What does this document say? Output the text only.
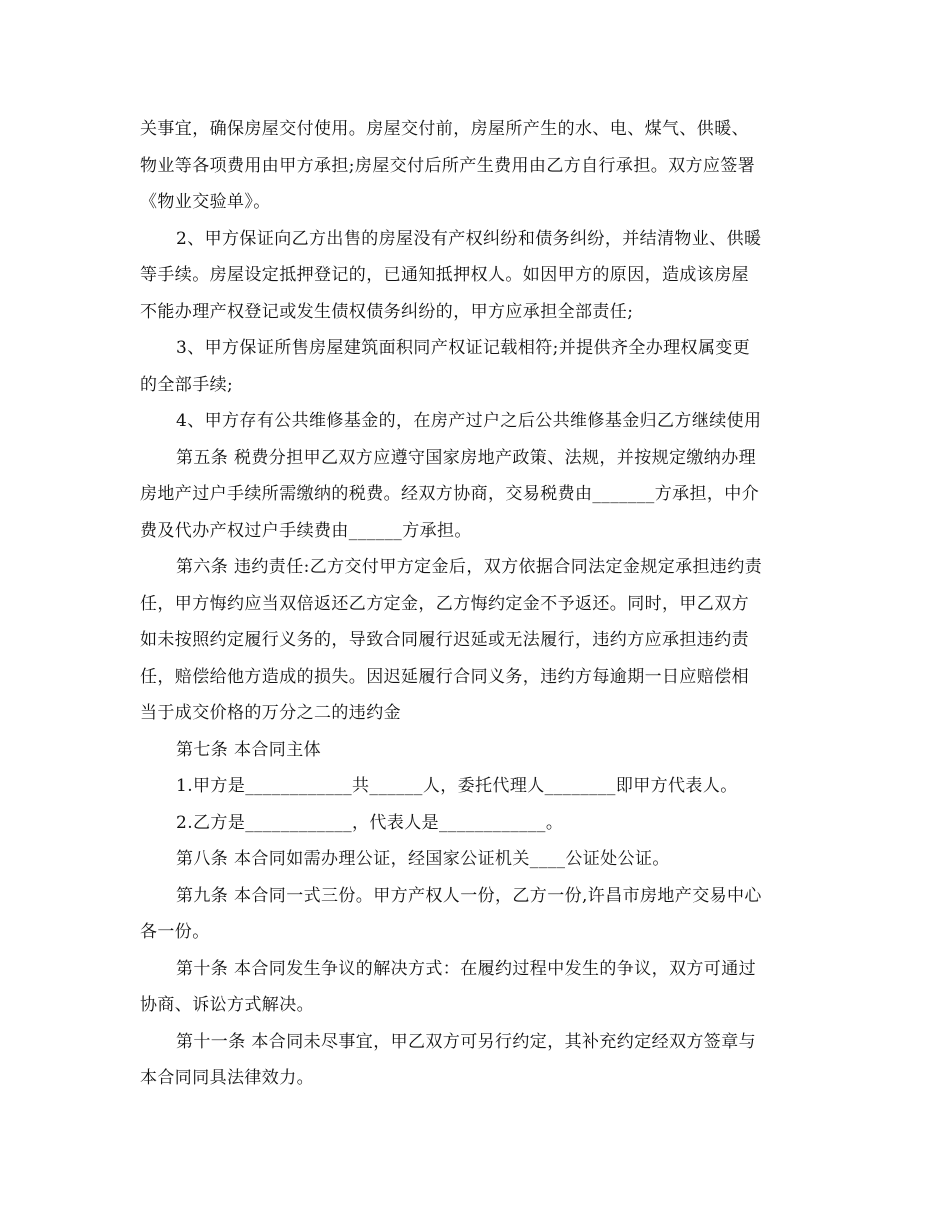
关事宜，确保房屋交付使用。房屋交付前，房屋所产生的水、电、煤气、供暖、
物业等各项费用由甲方承担;房屋交付后所产生费用由乙方自行承担。双方应签署
《物业交验单》。
2、甲方保证向乙方出售的房屋没有产权纠纷和债务纠纷，并结清物业、供暖
等手续。房屋设定抵押登记的，已通知抵押权人。如因甲方的原因，造成该房屋
不能办理产权登记或发生债权债务纠纷的，甲方应承担全部责任;
3、甲方保证所售房屋建筑面积同产权证记载相符;并提供齐全办理权属变更
的全部手续;
4、甲方存有公共维修基金的，在房产过户之后公共维修基金归乙方继续使用
第五条 税费分担甲乙双方应遵守国家房地产政策、法规，并按规定缴纳办理
房地产过户手续所需缴纳的税费。经双方协商，交易税费由_______方承担，中介
费及代办产权过户手续费由______方承担。
第六条 违约责任:乙方交付甲方定金后，双方依据合同法定金规定承担违约责
任，甲方悔约应当双倍返还乙方定金，乙方悔约定金不予返还。同时，甲乙双方
如未按照约定履行义务的，导致合同履行迟延或无法履行，违约方应承担违约责
任，赔偿给他方造成的损失。因迟延履行合同义务，违约方每逾期一日应赔偿相
当于成交价格的万分之二的违约金
第七条 本合同主体
1.甲方是____________共______人，委托代理人________即甲方代表人。
2.乙方是____________，代表人是____________。
第八条 本合同如需办理公证，经国家公证机关____公证处公证。
第九条 本合同一式三份。甲方产权人一份，乙方一份,许昌市房地产交易中心
各一份。
第十条 本合同发生争议的解决方式：在履约过程中发生的争议，双方可通过
协商、诉讼方式解决。
第十一条 本合同未尽事宜，甲乙双方可另行约定，其补充约定经双方签章与
本合同同具法律效力。
